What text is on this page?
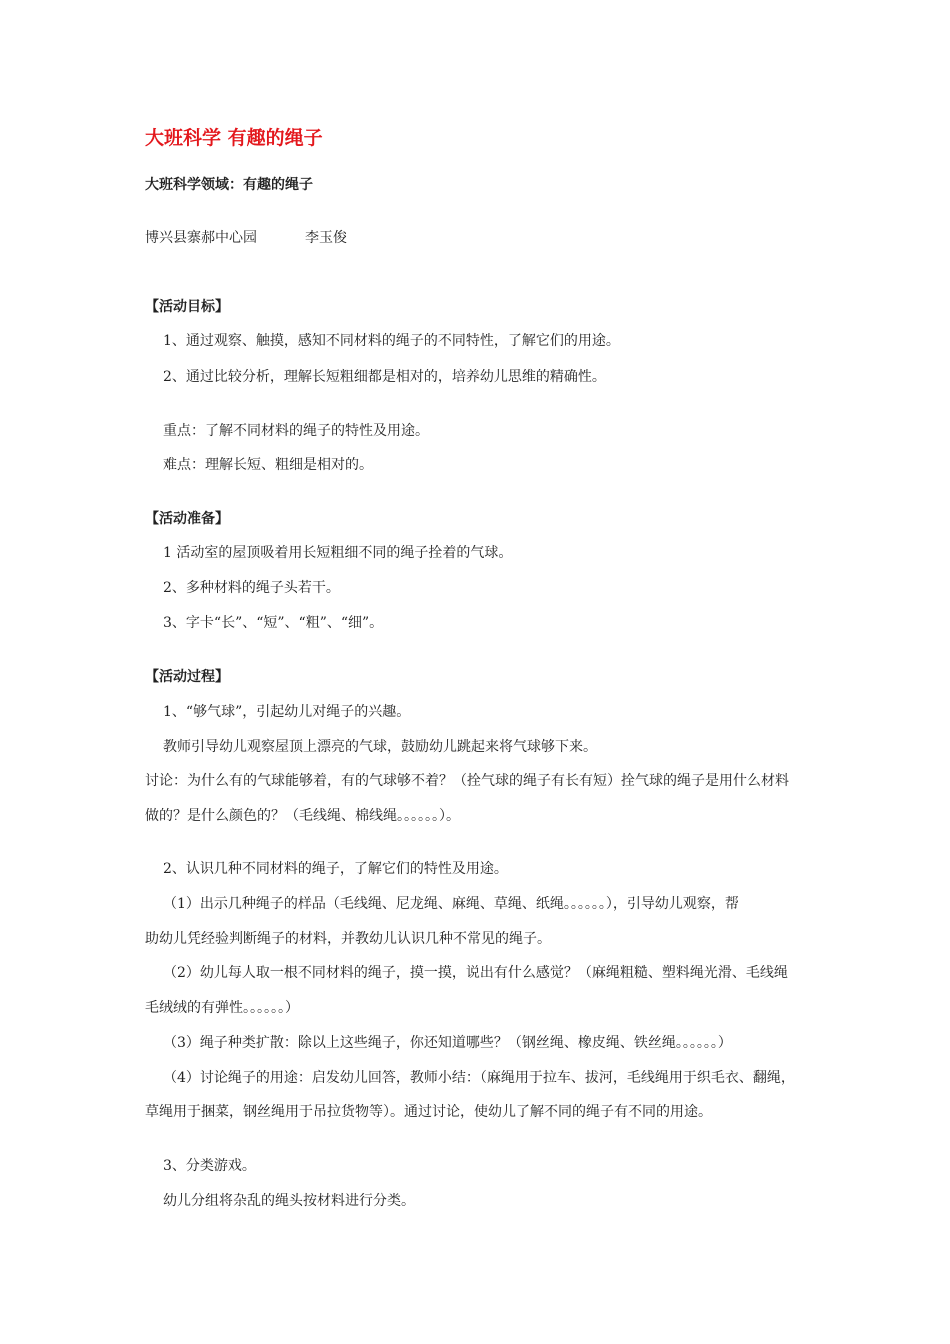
大班科学 有趣的绳子
大班科学领域：有趣的绳子
博兴县寨郝中心园	李玉俊
【活动目标】
1、通过观察、触摸，感知不同材料的绳子的不同特性，了解它们的用途。
2、通过比较分析，理解长短粗细都是相对的，培养幼儿思维的精确性。
重点：了解不同材料的绳子的特性及用途。
难点：理解长短、粗细是相对的。
【活动准备】
1 活动室的屋顶吸着用长短粗细不同的绳子拴着的气球。
2、多种材料的绳子头若干。
3、字卡“长”、“短”、“粗”、“细”。
【活动过程】
1、“够气球”，引起幼儿对绳子的兴趣。
教师引导幼儿观察屋顶上漂亮的气球，鼓励幼儿跳起来将气球够下来。
讨论：为什么有的气球能够着，有的气球够不着？（拴气球的绳子有长有短）拴气球的绳子是用什么材料
做的？是什么颜色的？（毛线绳、棉线绳。。。。。。）。
2、认识几种不同材料的绳子，了解它们的特性及用途。
（1）出示几种绳子的样品（毛线绳、尼龙绳、麻绳、草绳、纸绳。。。。。。），引导幼儿观察，帮
助幼儿凭经验判断绳子的材料，并教幼儿认识几种不常见的绳子。
（2）幼儿每人取一根不同材料的绳子，摸一摸，说出有什么感觉？（麻绳粗糙、塑料绳光滑、毛线绳
毛绒绒的有弹性。。。。。。）
（3）绳子种类扩散：除以上这些绳子，你还知道哪些？（钢丝绳、橡皮绳、铁丝绳。。。。。。）
（4）讨论绳子的用途：启发幼儿回答，教师小结：（麻绳用于拉车、拔河，毛线绳用于织毛衣、翻绳，
草绳用于捆菜，钢丝绳用于吊拉货物等）。通过讨论，使幼儿了解不同的绳子有不同的用途。
3、分类游戏。
幼儿分组将杂乱的绳头按材料进行分类。
